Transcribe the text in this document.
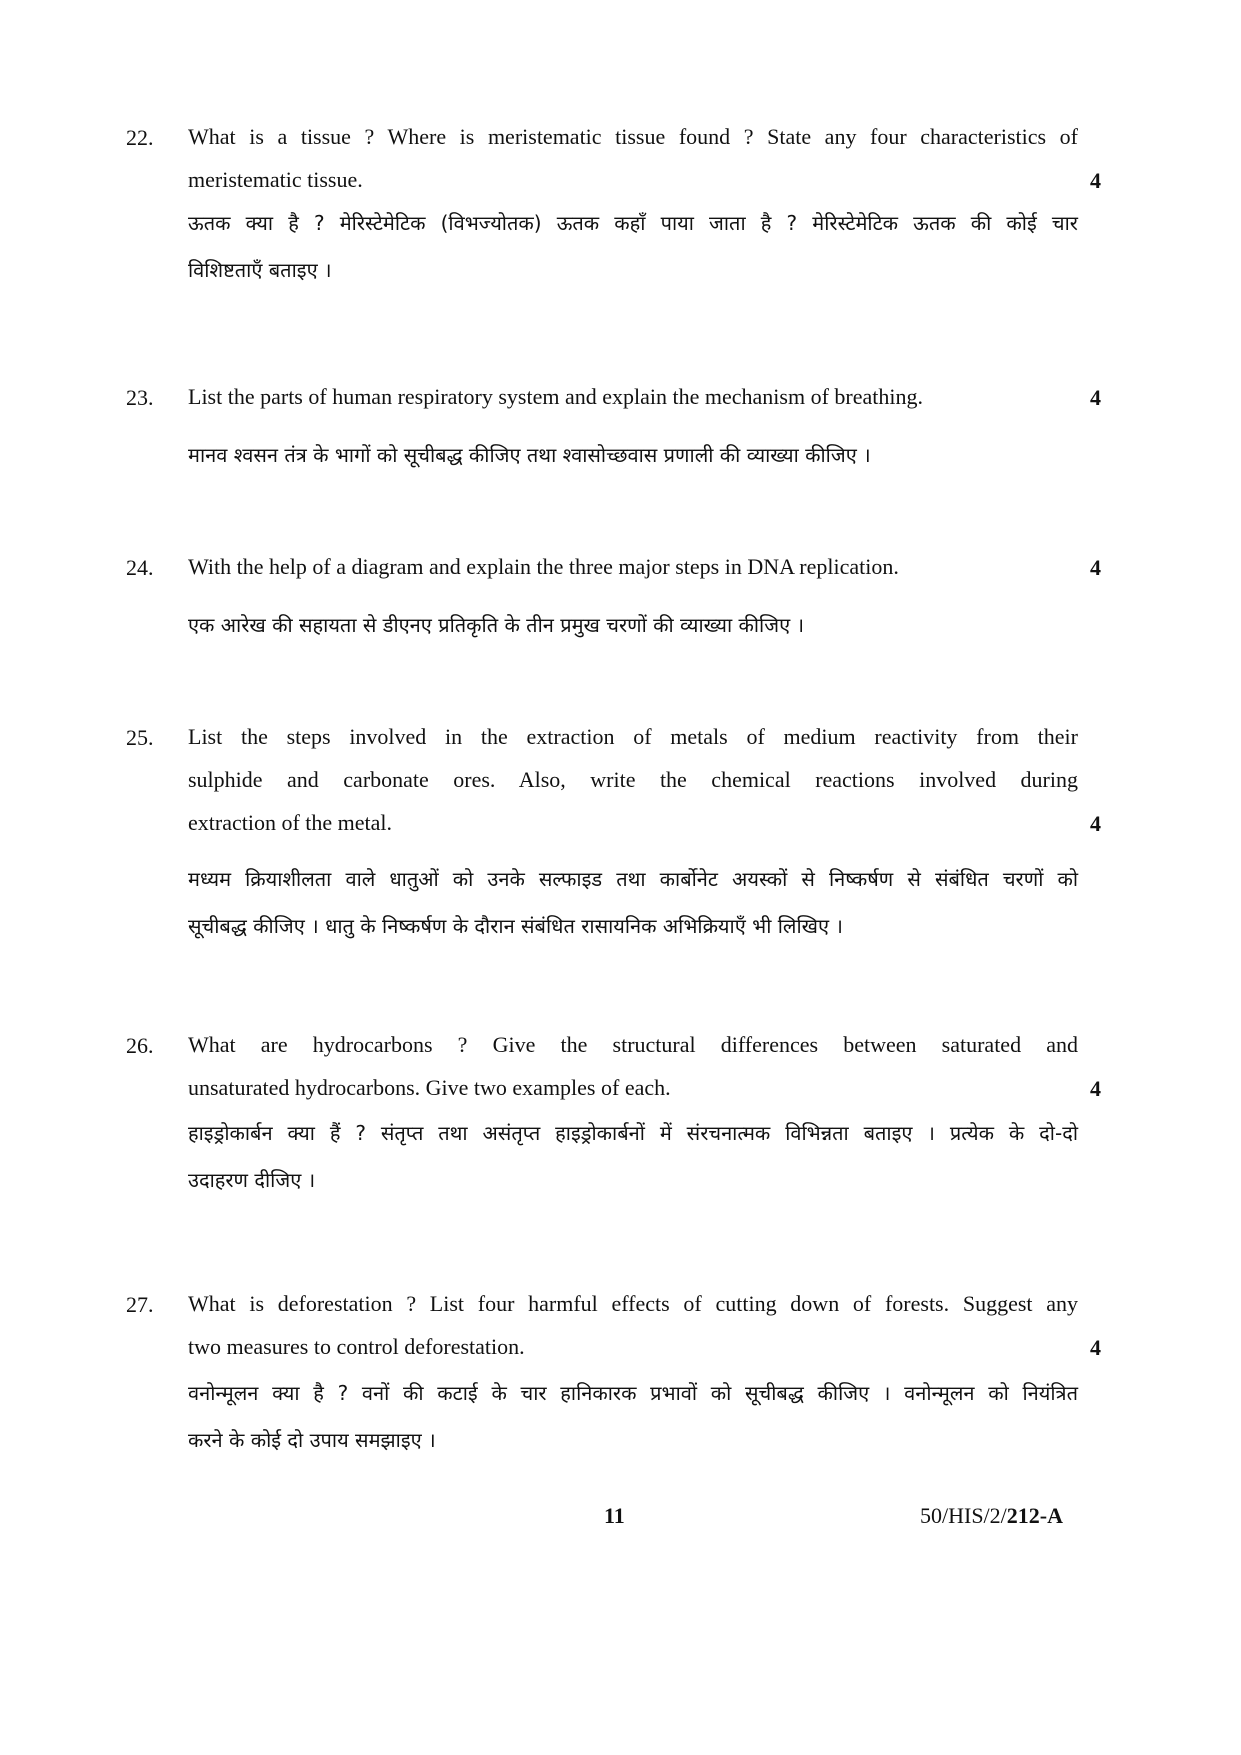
22. What is a tissue ? Where is meristematic tissue found ? State any four characteristics of
meristematic tissue.	4
ऊतक क्या है ? मेरिस्टेमेटिक (विभज्योतक) ऊतक कहाँ पाया जाता है ? मेरिस्टेमेटिक ऊतक की कोई चार
विशिष्टताएँ बताइए ।
23. List the parts of human respiratory system and explain the mechanism of breathing.	4
मानव श्वसन तंत्र के भागों को सूचीबद्ध कीजिए तथा श्वासोच्छवास प्रणाली की व्याख्या कीजिए ।
24. With the help of a diagram and explain the three major steps in DNA replication.	4
एक आरेख की सहायता से डीएनए प्रतिकृति के तीन प्रमुख चरणों की व्याख्या कीजिए ।
25. List the steps involved in the extraction of metals of medium reactivity from their
sulphide and carbonate ores. Also, write the chemical reactions involved during
extraction of the metal.	4
मध्यम क्रियाशीलता वाले धातुओं को उनके सल्फाइड तथा कार्बोनेट अयस्कों से निष्कर्षण से संबंधित चरणों को
सूचीबद्ध कीजिए । धातु के निष्कर्षण के दौरान संबंधित रासायनिक अभिक्रियाएँ भी लिखिए ।
26. What are hydrocarbons ? Give the structural differences between saturated and
unsaturated hydrocarbons. Give two examples of each.	4
हाइड्रोकार्बन क्या हैं ? संतृप्त तथा असंतृप्त हाइड्रोकार्बनों में संरचनात्मक विभिन्नता बताइए । प्रत्येक के दो-दो
उदाहरण दीजिए ।
27. What is deforestation ? List four harmful effects of cutting down of forests. Suggest any
two measures to control deforestation.	4
वनोन्मूलन क्या है ? वनों की कटाई के चार हानिकारक प्रभावों को सूचीबद्ध कीजिए । वनोन्मूलन को नियंत्रित
करने के कोई दो उपाय समझाइए ।
11	50/HIS/2/212-A
